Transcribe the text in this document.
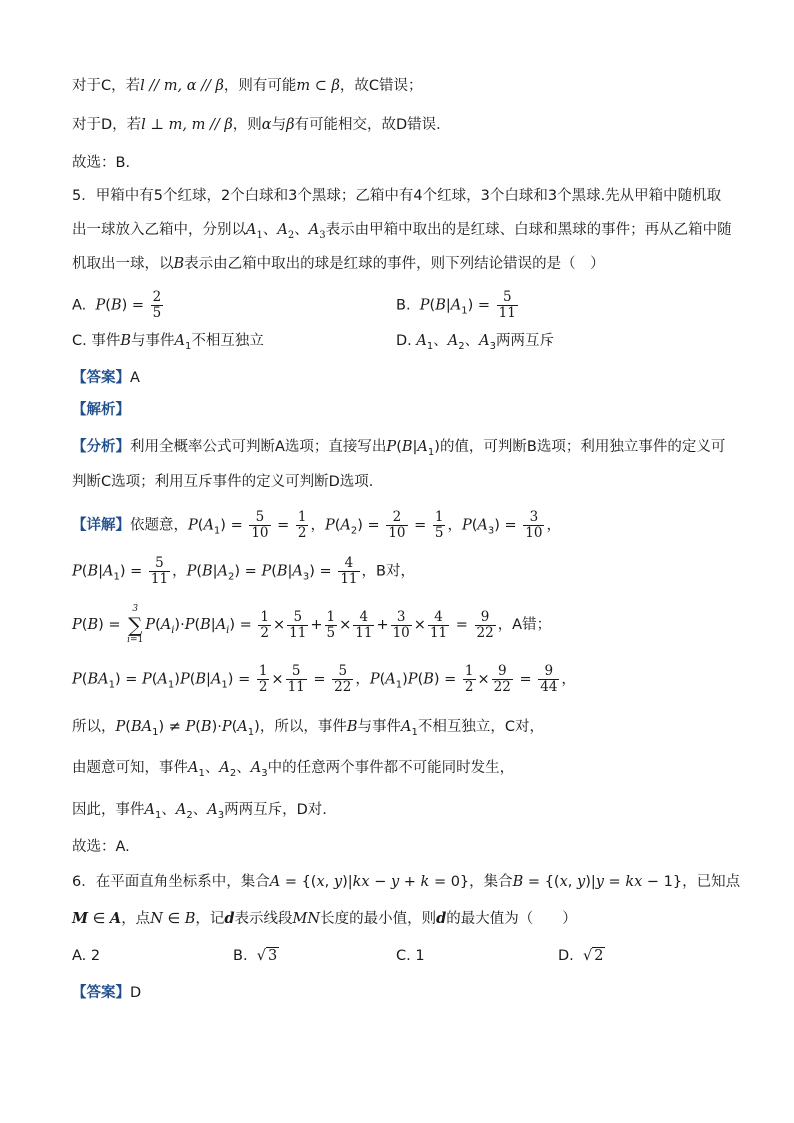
对于C，若l // m, α // β，则有可能m ⊂ β，故C错误；
对于D，若l ⊥ m, m // β，则α与β有可能相交，故D错误．
故选：B．
5．甲箱中有5个红球，2个白球和3个黑球；乙箱中有4个红球，3个白球和3个黑球.先从甲箱中随机取
出一球放入乙箱中，分别以$A_1$、$A_2$、$A_3$表示由甲箱中取出的是红球、白球和黑球的事件；再从乙箱中随
机取出一球，以B表示由乙箱中取出的球是红球的事件，则下列结论错误的是（　）
A. $P(B) = \frac{2}{5}$	B. $P(B|A_1) = \frac{5}{11}$
C. 事件B与事件$A_1$不相互独立	D. $A_1$、$A_2$、$A_3$两两互斥
【答案】A
【解析】
【分析】利用全概率公式可判断A选项；直接写出$P(B|A_1)$的值，可判断B选项；利用独立事件的定义可
判断C选项；利用互斥事件的定义可判断D选项.
【详解】依题意，$P(A_1) = \frac{5}{10} = \frac{1}{2}$ ，$P(A_2) = \frac{2}{10} = \frac{1}{5}$ ，$P(A_3) = \frac{3}{10}$ ，
$P(B|A_1) = \frac{5}{11}$ ，$P(B|A_2) = P(B|A_3) = \frac{4}{11}$ ，B对，
P(B) =
3
∑
i=1
$P(A_i)\cdot P(B|A_i) = \frac{1}{2} \times \frac{5}{11} + \frac{1}{5} \times \frac{4}{11} + \frac{3}{10} \times \frac{4}{11} = \frac{9}{22}$ ，A错；
$P(BA_1) = P(A_1)P(B|A_1) = \frac{1}{2} \times \frac{5}{11} = \frac{5}{22}$ ，$P(A_1)P(B) = \frac{1}{2} \times \frac{9}{22} = \frac{9}{44}$ ，
所以，$P(BA_1) \ne P(B)\cdot P(A_1)$，所以，事件B与事件$A_1$不相互独立，C对，
由题意可知，事件$A_1$、$A_2$、$A_3$中的任意两个事件都不可能同时发生，
因此，事件$A_1$、$A_2$、$A_3$两两互斥，D对.
故选：A.
6．在平面直角坐标系中，集合A = {(x, y)|kx − y + k = 0}，集合B = {(x, y)|y = kx − 1}，已知点
M ∈ A，点N ∈ B，记d表示线段MN长度的最小值，则d的最大值为（　　）
A. 2	B. √ 3	C. 1	D. √ 2
【答案】D
